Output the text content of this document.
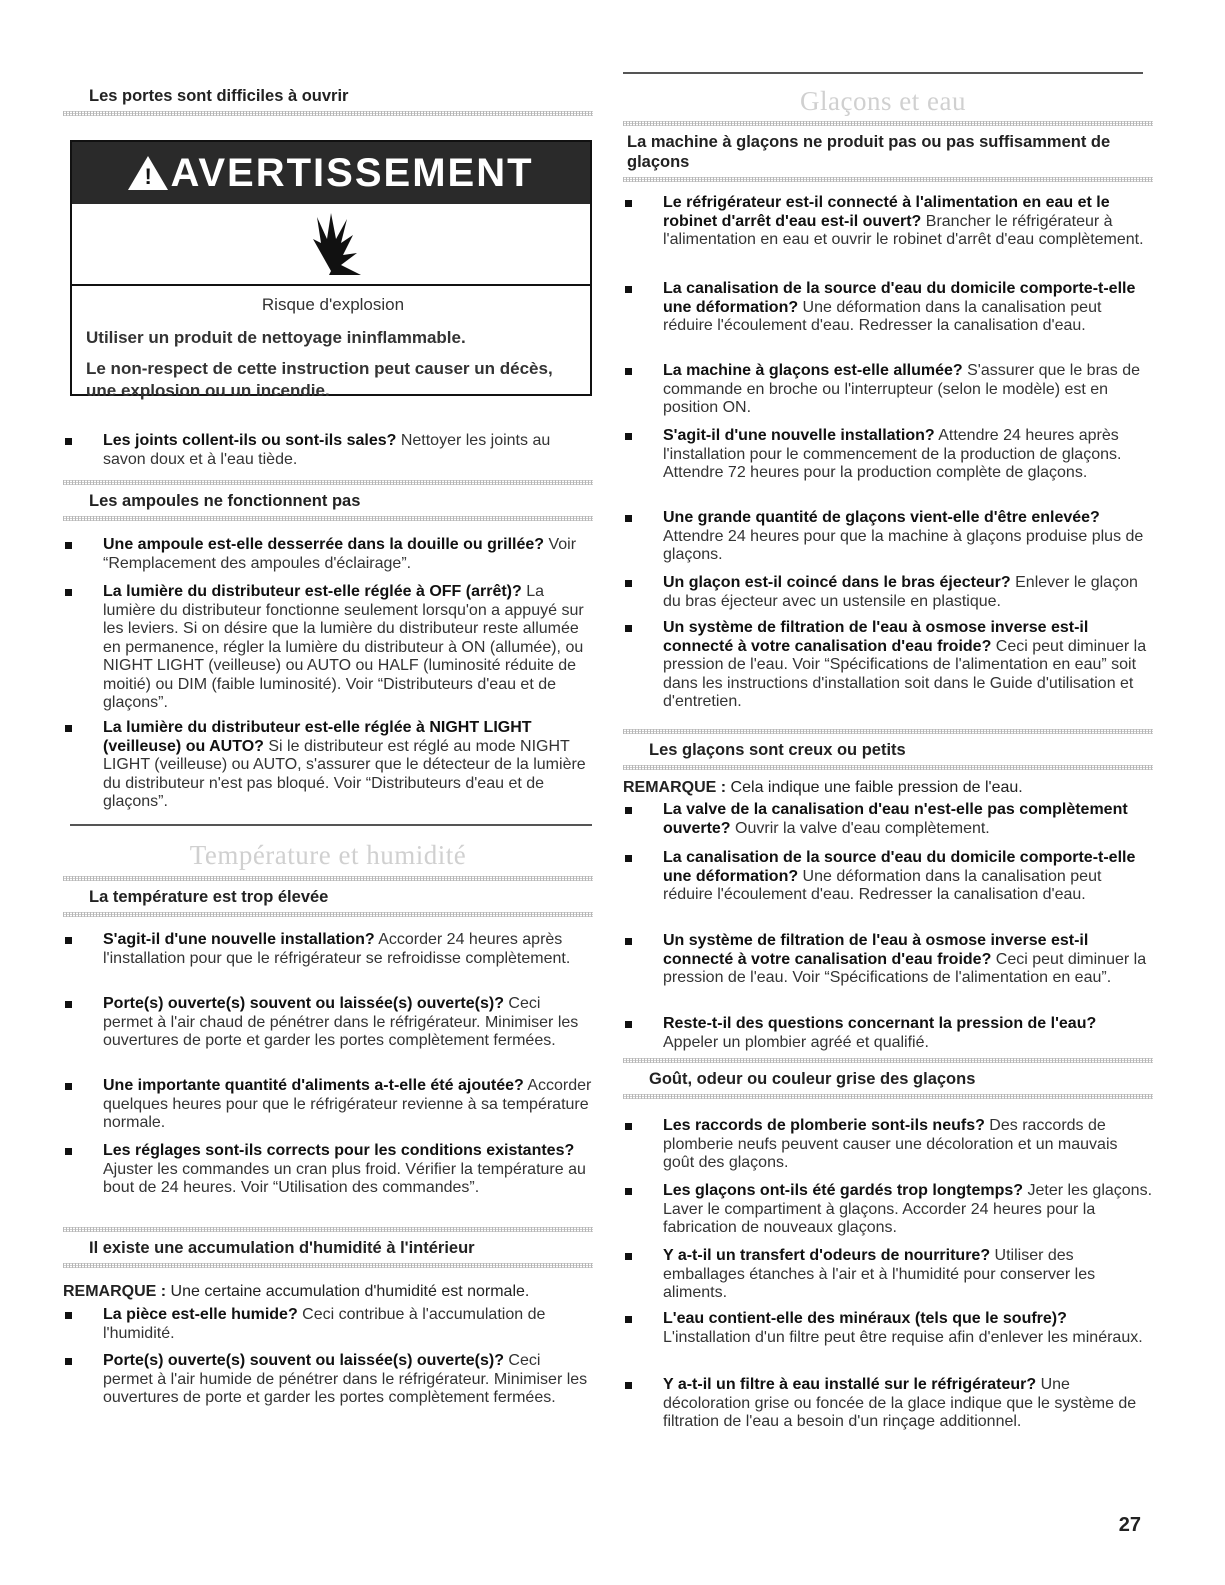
Les portes sont difficiles à ouvrir
! AVERTISSEMENT
Risque d'explosion

Utiliser un produit de nettoyage ininflammable.

Le non-respect de cette instruction peut causer un décès, une explosion ou un incendie.

Les joints collent-ils ou sont-ils sales? Nettoyer les joints au savon doux et à l'eau tiède.
Les ampoules ne fonctionnent pas
Une ampoule est-elle desserrée dans la douille ou grillée? Voir “Remplacement des ampoules d'éclairage”.
La lumière du distributeur est-elle réglée à OFF (arrêt)? La lumière du distributeur fonctionne seulement lorsqu'on a appuyé sur les leviers. Si on désire que la lumière du distributeur reste allumée en permanence, régler la lumière du distributeur à ON (allumée), ou NIGHT LIGHT (veilleuse) ou AUTO ou HALF (luminosité réduite de moitié) ou DIM (faible luminosité). Voir “Distributeurs d'eau et de glaçons”.
La lumière du distributeur est-elle réglée à NIGHT LIGHT (veilleuse) ou AUTO? Si le distributeur est réglé au mode NIGHT LIGHT (veilleuse) ou AUTO, s'assurer que le détecteur de la lumière du distributeur n'est pas bloqué. Voir “Distributeurs d'eau et de glaçons”.
Température et humidité
La température est trop élevée
S'agit-il d'une nouvelle installation? Accorder 24 heures après l'installation pour que le réfrigérateur se refroidisse complètement.
Porte(s) ouverte(s) souvent ou laissée(s) ouverte(s)? Ceci permet à l'air chaud de pénétrer dans le réfrigérateur. Minimiser les ouvertures de porte et garder les portes complètement fermées.
Une importante quantité d'aliments a-t-elle été ajoutée? Accorder quelques heures pour que le réfrigérateur revienne à sa température normale.
Les réglages sont-ils corrects pour les conditions existantes? Ajuster les commandes un cran plus froid. Vérifier la température au bout de 24 heures. Voir “Utilisation des commandes”.
Il existe une accumulation d'humidité à l'intérieur
REMARQUE : Une certaine accumulation d'humidité est normale.
La pièce est-elle humide? Ceci contribue à l'accumulation de l'humidité.
Porte(s) ouverte(s) souvent ou laissée(s) ouverte(s)? Ceci permet à l'air humide de pénétrer dans le réfrigérateur. Minimiser les ouvertures de porte et garder les portes complètement fermées.
Glaçons et eau
La machine à glaçons ne produit pas ou pas suffisamment de glaçons
Le réfrigérateur est-il connecté à l'alimentation en eau et le robinet d'arrêt d'eau est-il ouvert? Brancher le réfrigérateur à l'alimentation en eau et ouvrir le robinet d'arrêt d'eau complètement.
La canalisation de la source d'eau du domicile comporte-t-elle une déformation? Une déformation dans la canalisation peut réduire l'écoulement d'eau. Redresser la canalisation d'eau.
La machine à glaçons est-elle allumée? S'assurer que le bras de commande en broche ou l'interrupteur (selon le modèle) est en position ON.
S'agit-il d'une nouvelle installation? Attendre 24 heures après l'installation pour le commencement de la production de glaçons. Attendre 72 heures pour la production complète de glaçons.
Une grande quantité de glaçons vient-elle d'être enlevée? Attendre 24 heures pour que la machine à glaçons produise plus de glaçons.
Un glaçon est-il coincé dans le bras éjecteur? Enlever le glaçon du bras éjecteur avec un ustensile en plastique.
Un système de filtration de l'eau à osmose inverse est-il connecté à votre canalisation d'eau froide? Ceci peut diminuer la pression de l'eau. Voir “Spécifications de l'alimentation en eau” soit dans les instructions d'installation soit dans le Guide d'utilisation et d'entretien.
Les glaçons sont creux ou petits
REMARQUE : Cela indique une faible pression de l'eau.
La valve de la canalisation d'eau n'est-elle pas complètement ouverte? Ouvrir la valve d'eau complètement.
La canalisation de la source d'eau du domicile comporte-t-elle une déformation? Une déformation dans la canalisation peut réduire l'écoulement d'eau. Redresser la canalisation d'eau.
Un système de filtration de l'eau à osmose inverse est-il connecté à votre canalisation d'eau froide? Ceci peut diminuer la pression de l'eau. Voir “Spécifications de l'alimentation en eau”.
Reste-t-il des questions concernant la pression de l'eau? Appeler un plombier agréé et qualifié.
Goût, odeur ou couleur grise des glaçons
Les raccords de plomberie sont-ils neufs? Des raccords de plomberie neufs peuvent causer une décoloration et un mauvais goût des glaçons.
Les glaçons ont-ils été gardés trop longtemps? Jeter les glaçons. Laver le compartiment à glaçons. Accorder 24 heures pour la fabrication de nouveaux glaçons.
Y a-t-il un transfert d'odeurs de nourriture? Utiliser des emballages étanches à l'air et à l'humidité pour conserver les aliments.
L'eau contient-elle des minéraux (tels que le soufre)? L'installation d'un filtre peut être requise afin d'enlever les minéraux.
Y a-t-il un filtre à eau installé sur le réfrigérateur? Une décoloration grise ou foncée de la glace indique que le système de filtration de l'eau a besoin d'un rinçage additionnel.
27
